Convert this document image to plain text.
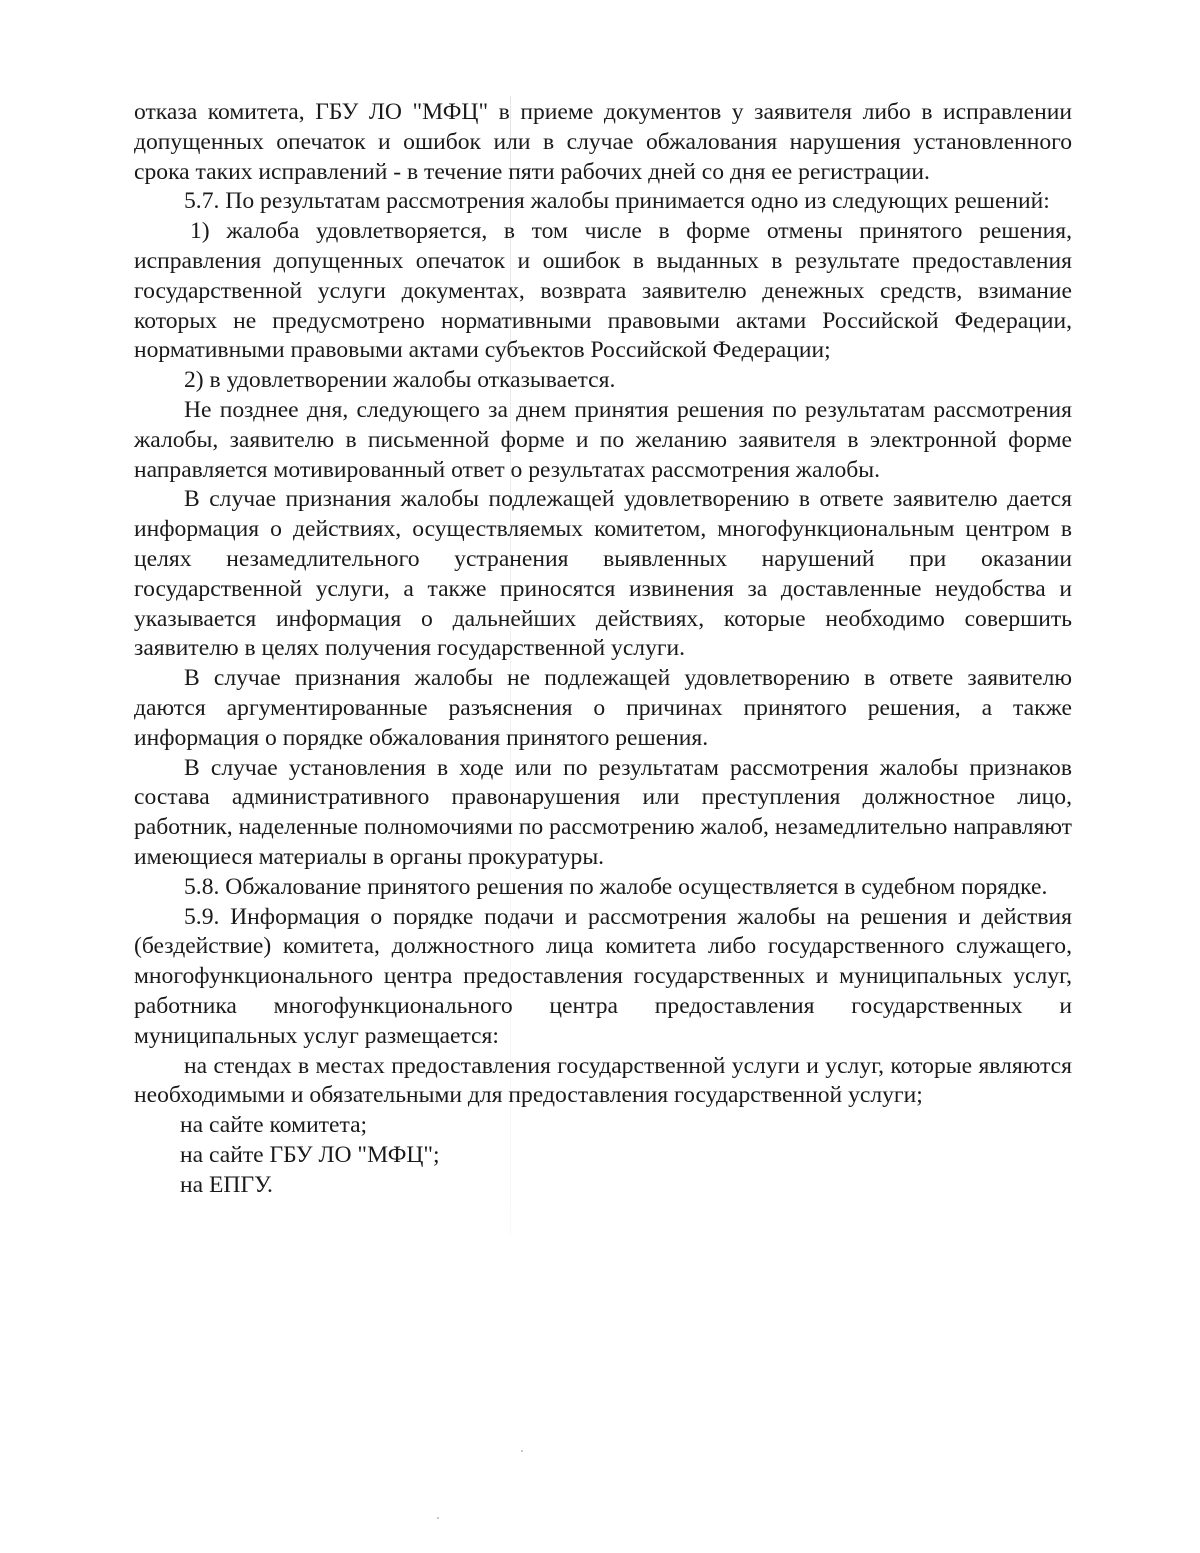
отказа комитета, ГБУ ЛО "МФЦ" в приеме документов у заявителя либо в исправлении допущенных опечаток и ошибок или в случае обжалования нарушения установленного срока таких исправлений - в течение пяти рабочих дней со дня ее регистрации.

5.7. По результатам рассмотрения жалобы принимается одно из следующих решений:

1) жалоба удовлетворяется, в том числе в форме отмены принятого решения, исправления допущенных опечаток и ошибок в выданных в результате предоставления государственной услуги документах, возврата заявителю денежных средств, взимание которых не предусмотрено нормативными правовыми актами Российской Федерации, нормативными правовыми актами субъектов Российской Федерации;

2) в удовлетворении жалобы отказывается.

Не позднее дня, следующего за днем принятия решения по результатам рассмотрения жалобы, заявителю в письменной форме и по желанию заявителя в электронной форме направляется мотивированный ответ о результатах рассмотрения жалобы.

В случае признания жалобы подлежащей удовлетворению в ответе заявителю дается информация о действиях, осуществляемых комитетом, многофункциональным центром в целях незамедлительного устранения выявленных нарушений при оказании государственной услуги, а также приносятся извинения за доставленные неудобства и указывается информация о дальнейших действиях, которые необходимо совершить заявителю в целях получения государственной услуги.

В случае признания жалобы не подлежащей удовлетворению в ответе заявителю даются аргументированные разъяснения о причинах принятого решения, а также информация о порядке обжалования принятого решения.

В случае установления в ходе или по результатам рассмотрения жалобы признаков состава административного правонарушения или преступления должностное лицо, работник, наделенные полномочиями по рассмотрению жалоб, незамедлительно направляют имеющиеся материалы в органы прокуратуры.

5.8. Обжалование принятого решения по жалобе осуществляется в судебном порядке.

5.9. Информация о порядке подачи и рассмотрения жалобы на решения и действия (бездействие) комитета, должностного лица комитета либо государственного служащего, многофункционального центра предоставления государственных и муниципальных услуг, работника многофункционального центра предоставления государственных и муниципальных услуг размещается:

на стендах в местах предоставления государственной услуги и услуг, которые являются необходимыми и обязательными для предоставления государственной услуги;

на сайте комитета;

на сайте ГБУ ЛО "МФЦ";

на ЕПГУ.
